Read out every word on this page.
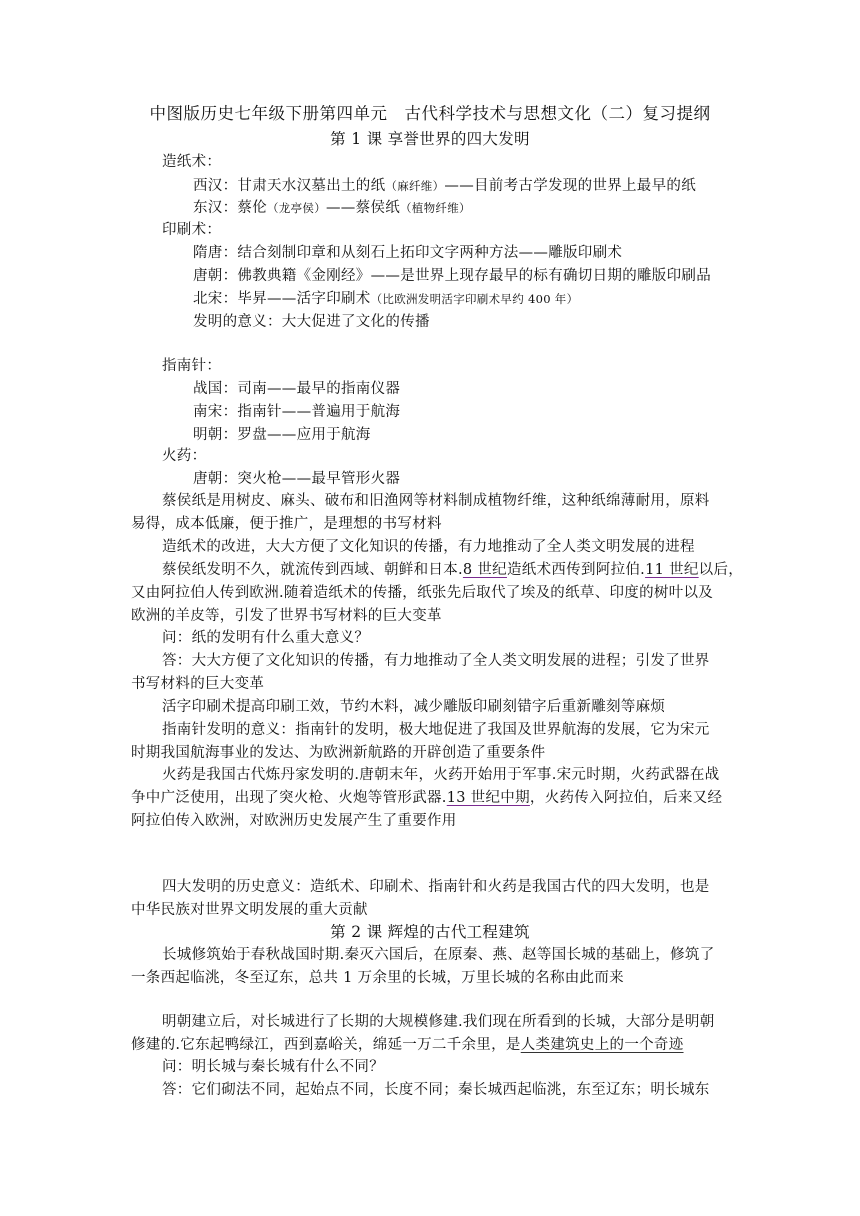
中图版历史七年级下册第四单元　古代科学技术与思想文化（二）复习提纲
第 1 课 享誉世界的四大发明
造纸术：
西汉：甘肃天水汉墓出土的纸（麻纤维）——目前考古学发现的世界上最早的纸
东汉：蔡伦（龙亭侯）——蔡侯纸（植物纤维）
印刷术：
隋唐：结合刻制印章和从刻石上拓印文字两种方法——雕版印刷术
唐朝：佛教典籍《金刚经》——是世界上现存最早的标有确切日期的雕版印刷品
北宋：毕昇——活字印刷术（比欧洲发明活字印刷术早约 400 年）
发明的意义：大大促进了文化的传播
指南针：
战国：司南——最早的指南仪器
南宋：指南针——普遍用于航海
明朝：罗盘——应用于航海
火药：
唐朝：突火枪——最早管形火器
蔡侯纸是用树皮、麻头、破布和旧渔网等材料制成植物纤维，这种纸绵薄耐用，原料
易得，成本低廉，便于推广，是理想的书写材料
造纸术的改进，大大方便了文化知识的传播，有力地推动了全人类文明发展的进程
蔡侯纸发明不久，就流传到西域、朝鲜和日本.8 世纪造纸术西传到阿拉伯.11 世纪以后，
又由阿拉伯人传到欧洲.随着造纸术的传播，纸张先后取代了埃及的纸草、印度的树叶以及
欧洲的羊皮等，引发了世界书写材料的巨大变革
问：纸的发明有什么重大意义？
答：大大方便了文化知识的传播，有力地推动了全人类文明发展的进程；引发了世界
书写材料的巨大变革
活字印刷术提高印刷工效，节约木料，减少雕版印刷刻错字后重新雕刻等麻烦
指南针发明的意义：指南针的发明，极大地促进了我国及世界航海的发展，它为宋元
时期我国航海事业的发达、为欧洲新航路的开辟创造了重要条件
火药是我国古代炼丹家发明的.唐朝末年，火药开始用于军事.宋元时期，火药武器在战
争中广泛使用，出现了突火枪、火炮等管形武器.13 世纪中期，火药传入阿拉伯，后来又经
阿拉伯传入欧洲，对欧洲历史发展产生了重要作用
四大发明的历史意义：造纸术、印刷术、指南针和火药是我国古代的四大发明，也是
中华民族对世界文明发展的重大贡献
第 2 课 辉煌的古代工程建筑
长城修筑始于春秋战国时期.秦灭六国后，在原秦、燕、赵等国长城的基础上，修筑了
一条西起临洮，冬至辽东，总共 1 万余里的长城，万里长城的名称由此而来
明朝建立后，对长城进行了长期的大规模修建.我们现在所看到的长城，大部分是明朝
修建的.它东起鸭绿江，西到嘉峪关，绵延一万二千余里，是人类建筑史上的一个奇迹
问：明长城与秦长城有什么不同？
答：它们砌法不同，起始点不同，长度不同；秦长城西起临洮，东至辽东；明长城东
